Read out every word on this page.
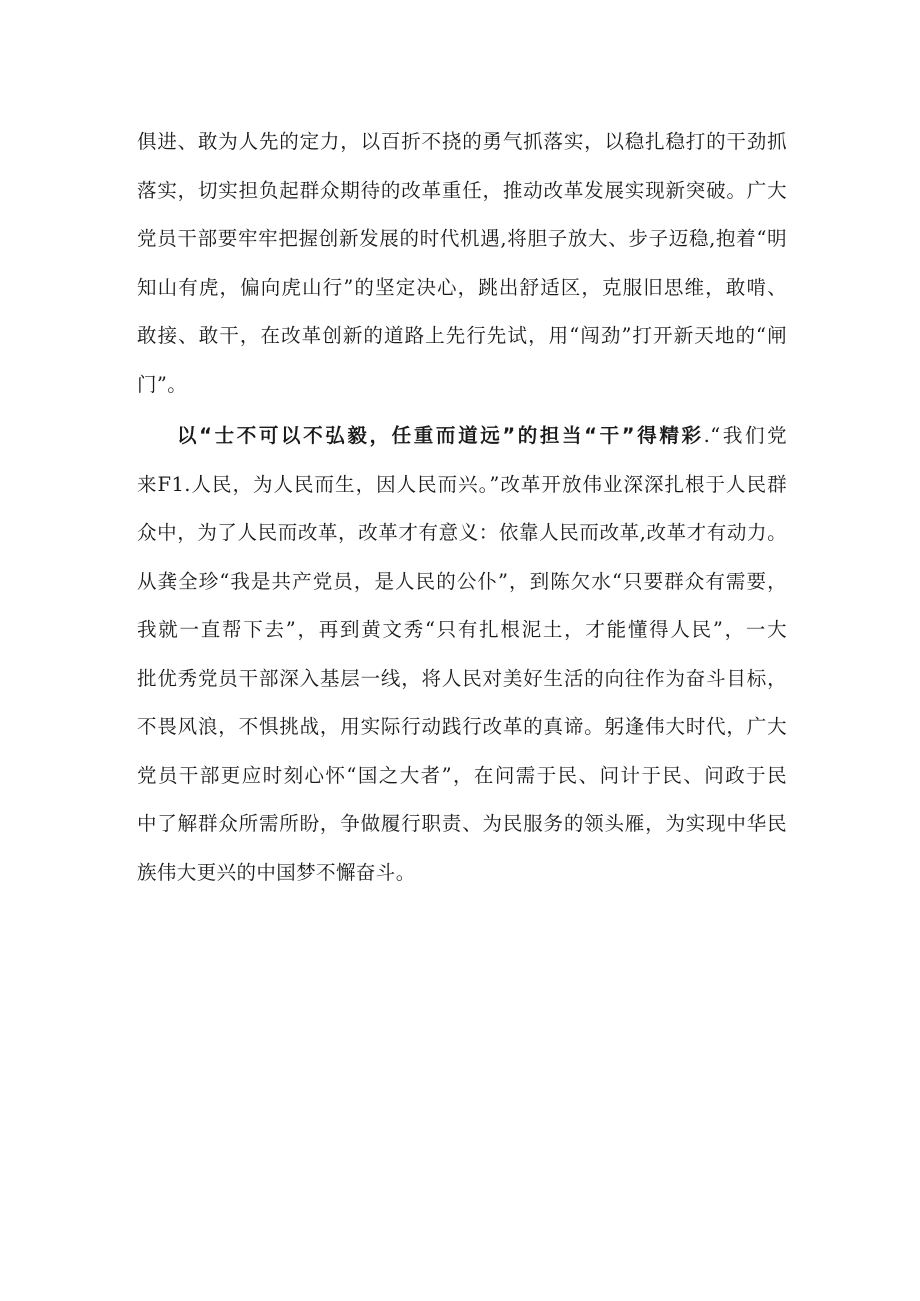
俱进、敢为人先的定力，以百折不挠的勇气抓落实，以稳扎稳打的干劲抓
落实，切实担负起群众期待的改革重任，推动改革发展实现新突破。广大
党员干部要牢牢把握创新发展的时代机遇,将胆子放大、步子迈稳,抱着“明
知山有虎，偏向虎山行”的坚定决心，跳出舒适区，克服旧思维，敢啃、
敢接、敢干，在改革创新的道路上先行先试，用“闯劲”打开新天地的“闸
门”。
以“士不可以不弘毅，任重而道远”的担当“干”得精彩.“我们党
来F1.人民，为人民而生，因人民而兴。”改革开放伟业深深扎根于人民群
众中，为了人民而改革，改革才有意义：依靠人民而改革,改革才有动力。
从龚全珍“我是共产党员，是人民的公仆”，到陈欠水“只要群众有需要，
我就一直帮下去”，再到黄文秀“只有扎根泥土，才能懂得人民”，一大
批优秀党员干部深入基层一线，将人民对美好生活的向往作为奋斗目标，
不畏风浪，不惧挑战，用实际行动践行改革的真谛。躬逢伟大时代，广大
党员干部更应时刻心怀“国之大者”，在问需于民、问计于民、问政于民
中了解群众所需所盼，争做履行职责、为民服务的领头雁，为实现中华民
族伟大更兴的中国梦不懈奋斗。
